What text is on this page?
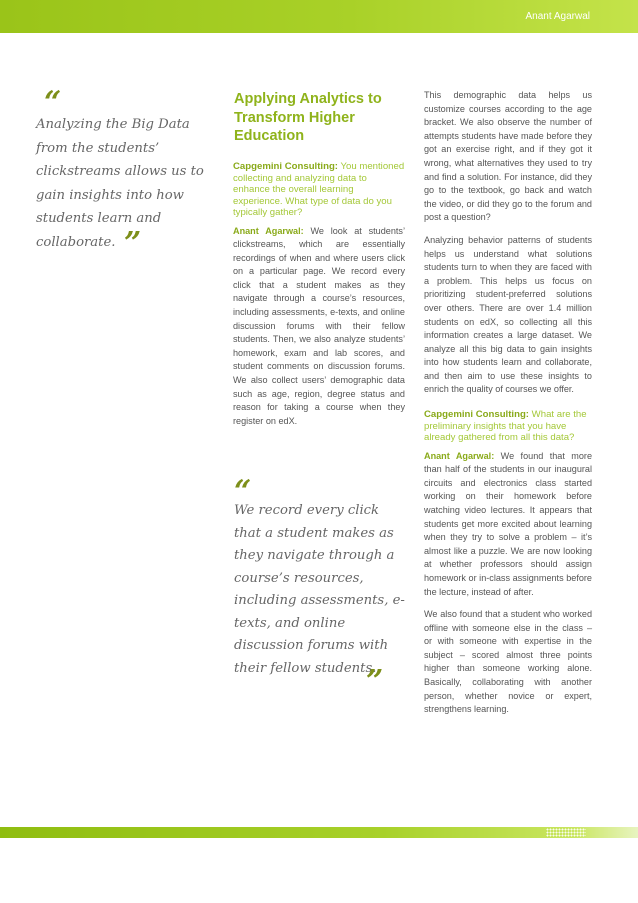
Anant Agarwal
“

Analyzing the Big Data from the students’ clickstreams allows us to gain insights into how students learn and collaborate. ”
Applying Analytics to Transform Higher Education

Capgemini Consulting: You mentioned collecting and analyzing data to enhance the overall learning experience. What type of data do you typically gather?

Anant Agarwal: We look at students’ clickstreams, which are essentially recordings of when and where users click on a particular page. We record every click that a student makes as they navigate through a course’s resources, including assessments, e-texts, and online discussion forums with their fellow students. Then, we also analyze students’ homework, exam and lab scores, and student comments on discussion forums. We also collect users’ demographic data such as age, region, degree status and reason for taking a course when they register on edX.

“

We record every click that a student makes as they navigate through a course’s resources, including assessments, e-texts, and online discussion forums with their fellow students.

”

This demographic data helps us customize courses according to the age bracket. We also observe the number of attempts students have made before they got an exercise right, and if they got it wrong, what alternatives they used to try and find a solution. For instance, did they go to the textbook, go back and watch the video, or did they go to the forum and post a question?

Analyzing behavior patterns of students helps us understand what solutions students turn to when they are faced with a problem. This helps us focus on prioritizing student-preferred solutions over others. There are over 1.4 million students on edX, so collecting all this information creates a large dataset. We analyze all this big data to gain insights into how students learn and collaborate, and then aim to use these insights to enrich the quality of courses we offer.

Capgemini Consulting: What are the preliminary insights that you have already gathered from all this data?

Anant Agarwal: We found that more than half of the students in our inaugural circuits and electronics class started working on their homework before watching video lectures. It appears that students get more excited about learning when they try to solve a problem – it’s almost like a puzzle. We are now looking at whether professors should assign homework or in-class assignments before the lecture, instead of after.

We also found that a student who worked offline with someone else in the class – or with someone with expertise in the subject – scored almost three points higher than someone working alone. Basically, collaborating with another person, whether novice or expert, strengthens learning.
